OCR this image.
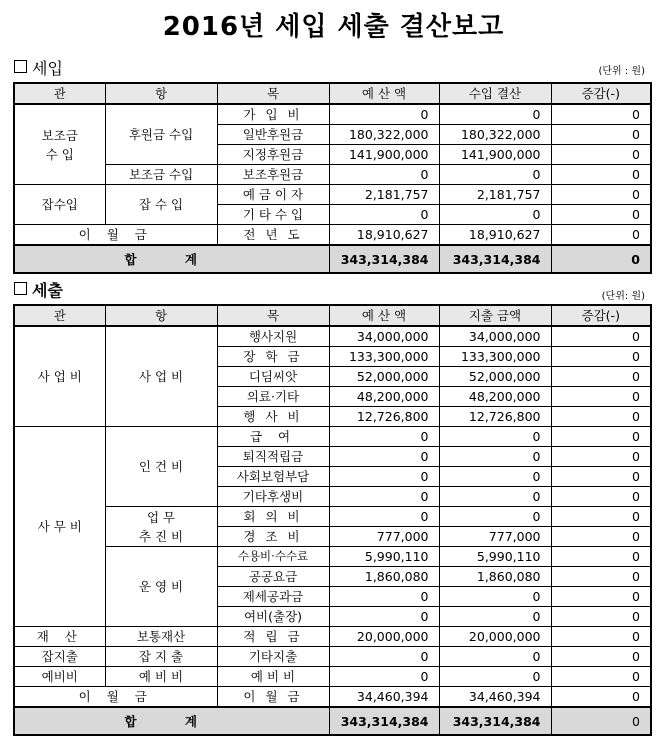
2016년 세입 세출 결산보고
세입	(단위 : 원)
관	항	목	예 산 액	수입 결산	증감(-)
보조금
수 입	후원금 수입	가 입 비	0	0	0
		일반후원금	180,322,000	180,322,000	0
		지정후원금	141,900,000	141,900,000	0
	보조금 수입	보조후원금	0	0	0
잡수입	잡 수 입	예 금 이 자	2,181,757	2,181,757	0
		기 타 수 입	0	0	0
이 월 금		전 년 도	18,910,627	18,910,627	0
합 계			343,314,384	343,314,384	0
세출	(단위: 원)
관	항	목	예 산 액	지출 금액	증감(-)
사 업 비	사 업 비	행사지원	34,000,000	34,000,000	0
		장 학 금	133,300,000	133,300,000	0
		디딤씨앗	52,000,000	52,000,000	0
		의료·기타	48,200,000	48,200,000	0
		행 사 비	12,726,800	12,726,800	0
사 무 비	인 건 비	급 여	0	0	0
		퇴직적립금	0	0	0
		사회보험부담	0	0	0
		기타후생비	0	0	0
	업 무
추 진 비	회 의 비	0	0	0
		경 조 비	777,000	777,000	0
	운 영 비	수용비·수수료	5,990,110	5,990,110	0
		공공요금	1,860,080	1,860,080	0
		제세공과금	0	0	0
		여비(출장)	0	0	0
재 산	보통재산	적 립 금	20,000,000	20,000,000	0
잡지출	잡 지 출	기타지출	0	0	0
예비비	예 비 비	예 비 비	0	0	0
이 월 금		이 월 금	34,460,394	34,460,394	0
합 계			343,314,384	343,314,384	0
